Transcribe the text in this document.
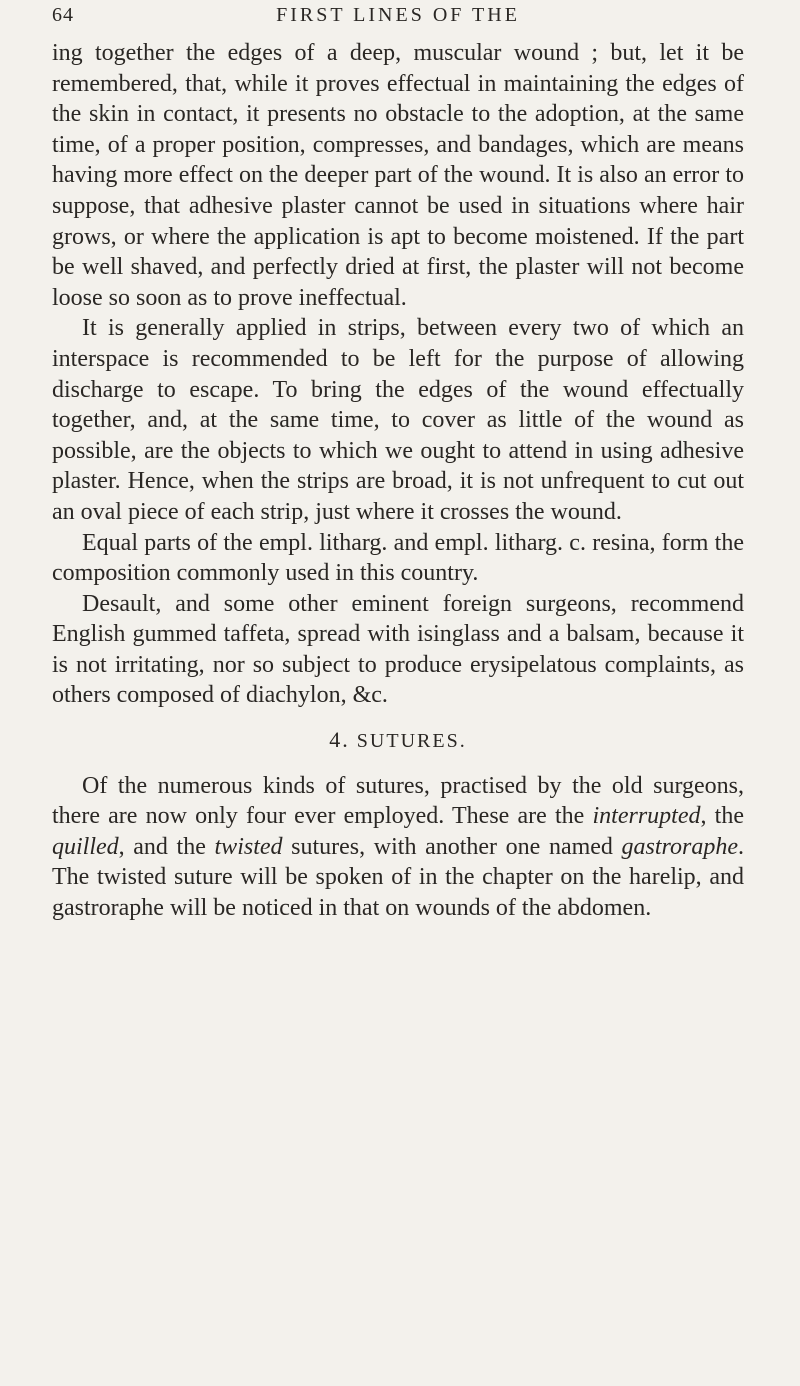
64	FIRST LINES OF THE

ing together the edges of a deep, muscular wound ; but, let it be remembered, that, while it proves effectual in maintaining the edges of the skin in contact, it presents no obstacle to the adoption, at the same time, of a proper position, compresses, and bandages, which are means having more effect on the deeper part of the wound. It is also an error to suppose, that adhesive plaster cannot be used in situations where hair grows, or where the application is apt to become moistened. If the part be well shaved, and perfectly dried at first, the plaster will not become loose so soon as to prove ineffectual.

It is generally applied in strips, between every two of which an interspace is recommended to be left for the purpose of allowing discharge to escape. To bring the edges of the wound effectually together, and, at the same time, to cover as little of the wound as possible, are the objects to which we ought to attend in using adhesive plaster. Hence, when the strips are broad, it is not unfrequent to cut out an oval piece of each strip, just where it crosses the wound.

Equal parts of the empl. litharg. and empl. litharg. c. resina, form the composition commonly used in this country.

Desault, and some other eminent foreign surgeons, recommend English gummed taffeta, spread with isinglass and a balsam, because it is not irritating, nor so subject to produce erysipelatous complaints, as others composed of diachylon, &c.

4. SUTURES.

Of the numerous kinds of sutures, practised by the old surgeons, there are now only four ever employed. These are the interrupted, the quilled, and the twisted sutures, with another one named gastroraphe. The twisted suture will be spoken of in the chapter on the harelip, and gastroraphe will be noticed in that on wounds of the abdomen.
